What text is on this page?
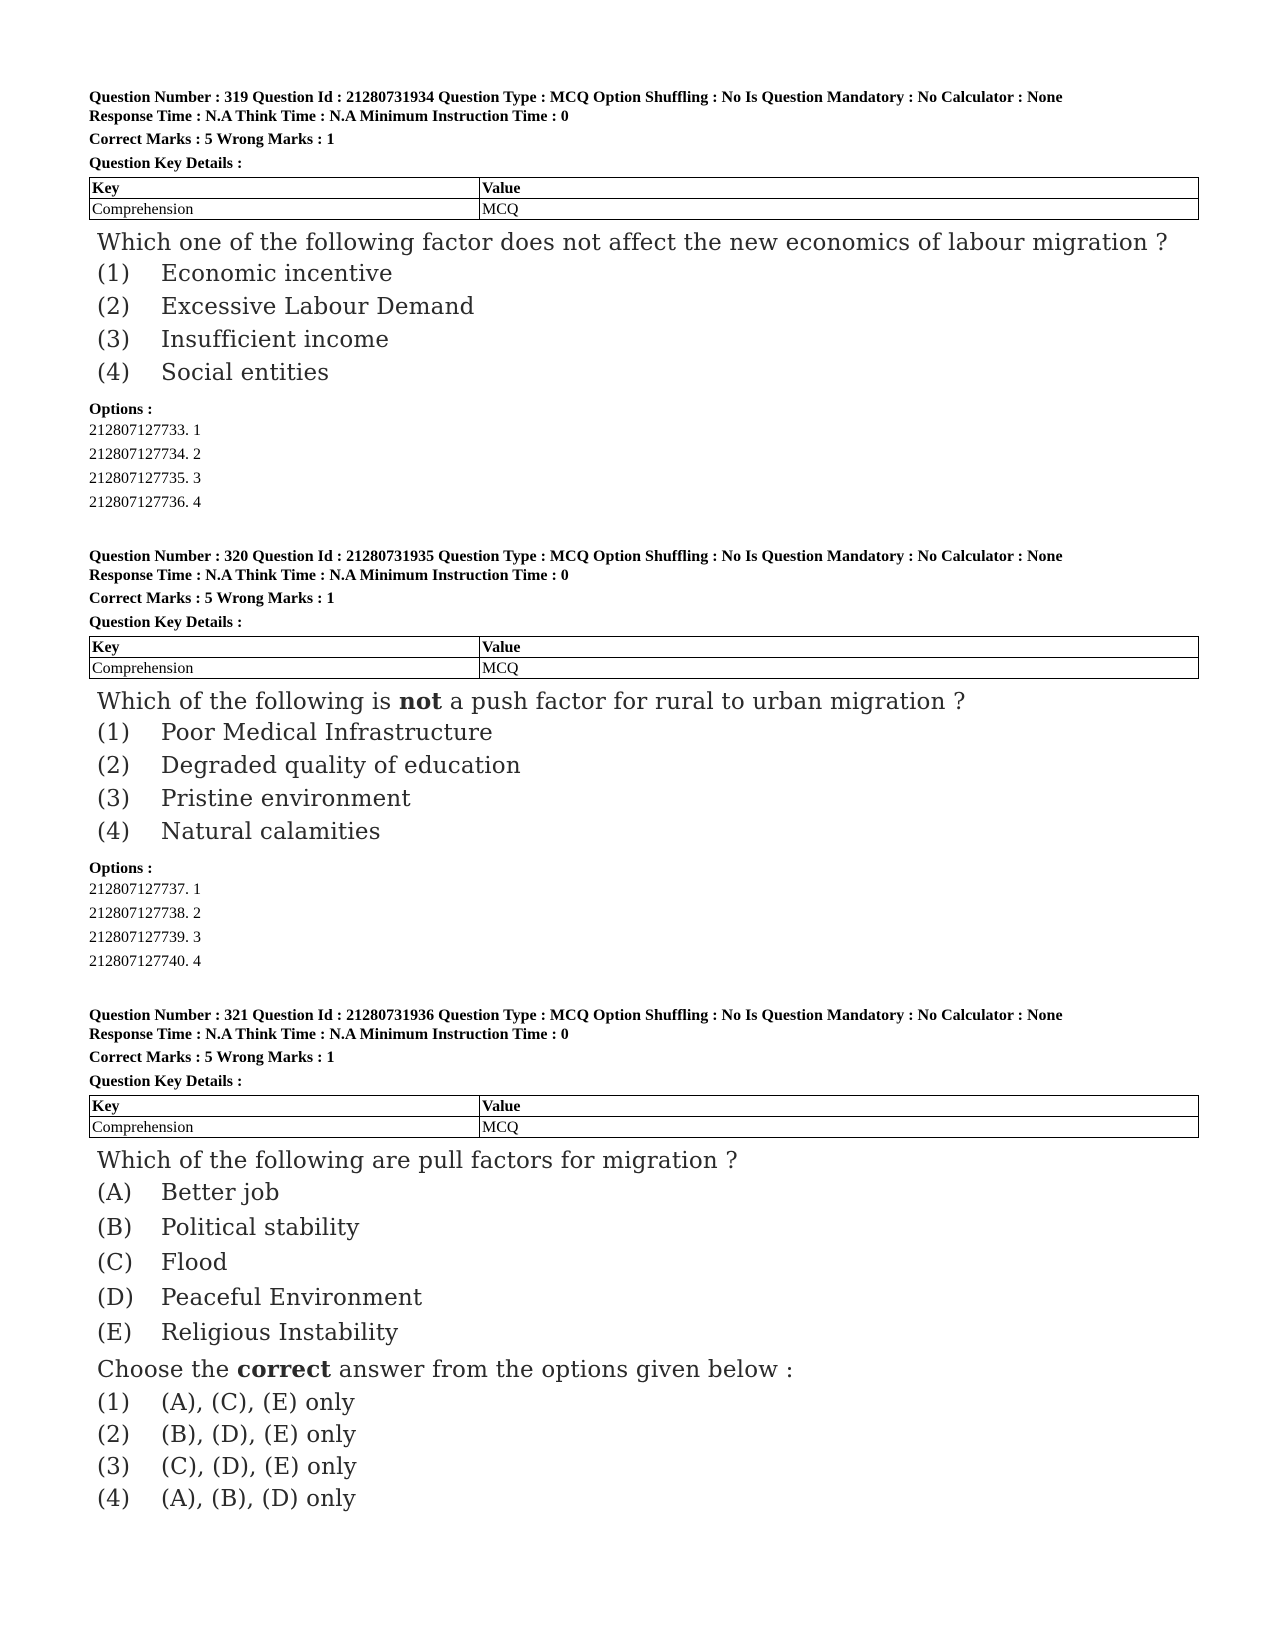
Question Number : 319 Question Id : 21280731934 Question Type : MCQ Option Shuffling : No Is Question Mandatory : No Calculator : None
Response Time : N.A Think Time : N.A Minimum Instruction Time : 0
Correct Marks : 5 Wrong Marks : 1
Question Key Details :
Key	Value
Comprehension	MCQ
Which one of the following factor does not affect the new economics of labour migration ?
(1)	Economic incentive
(2)	Excessive Labour Demand
(3)	Insufficient income
(4)	Social entities
Options :
212807127733. 1
212807127734. 2
212807127735. 3
212807127736. 4
Question Number : 320 Question Id : 21280731935 Question Type : MCQ Option Shuffling : No Is Question Mandatory : No Calculator : None
Response Time : N.A Think Time : N.A Minimum Instruction Time : 0
Correct Marks : 5 Wrong Marks : 1
Question Key Details :
Key	Value
Comprehension	MCQ
Which of the following is not a push factor for rural to urban migration ?
(1)	Poor Medical Infrastructure
(2)	Degraded quality of education
(3)	Pristine environment
(4)	Natural calamities
Options :
212807127737. 1
212807127738. 2
212807127739. 3
212807127740. 4
Question Number : 321 Question Id : 21280731936 Question Type : MCQ Option Shuffling : No Is Question Mandatory : No Calculator : None
Response Time : N.A Think Time : N.A Minimum Instruction Time : 0
Correct Marks : 5 Wrong Marks : 1
Question Key Details :
Key	Value
Comprehension	MCQ
Which of the following are pull factors for migration ?
(A)	Better job
(B)	Political stability
(C)	Flood
(D)	Peaceful Environment
(E)	Religious Instability
Choose the correct answer from the options given below :
(1)	(A), (C), (E) only
(2)	(B), (D), (E) only
(3)	(C), (D), (E) only
(4)	(A), (B), (D) only
